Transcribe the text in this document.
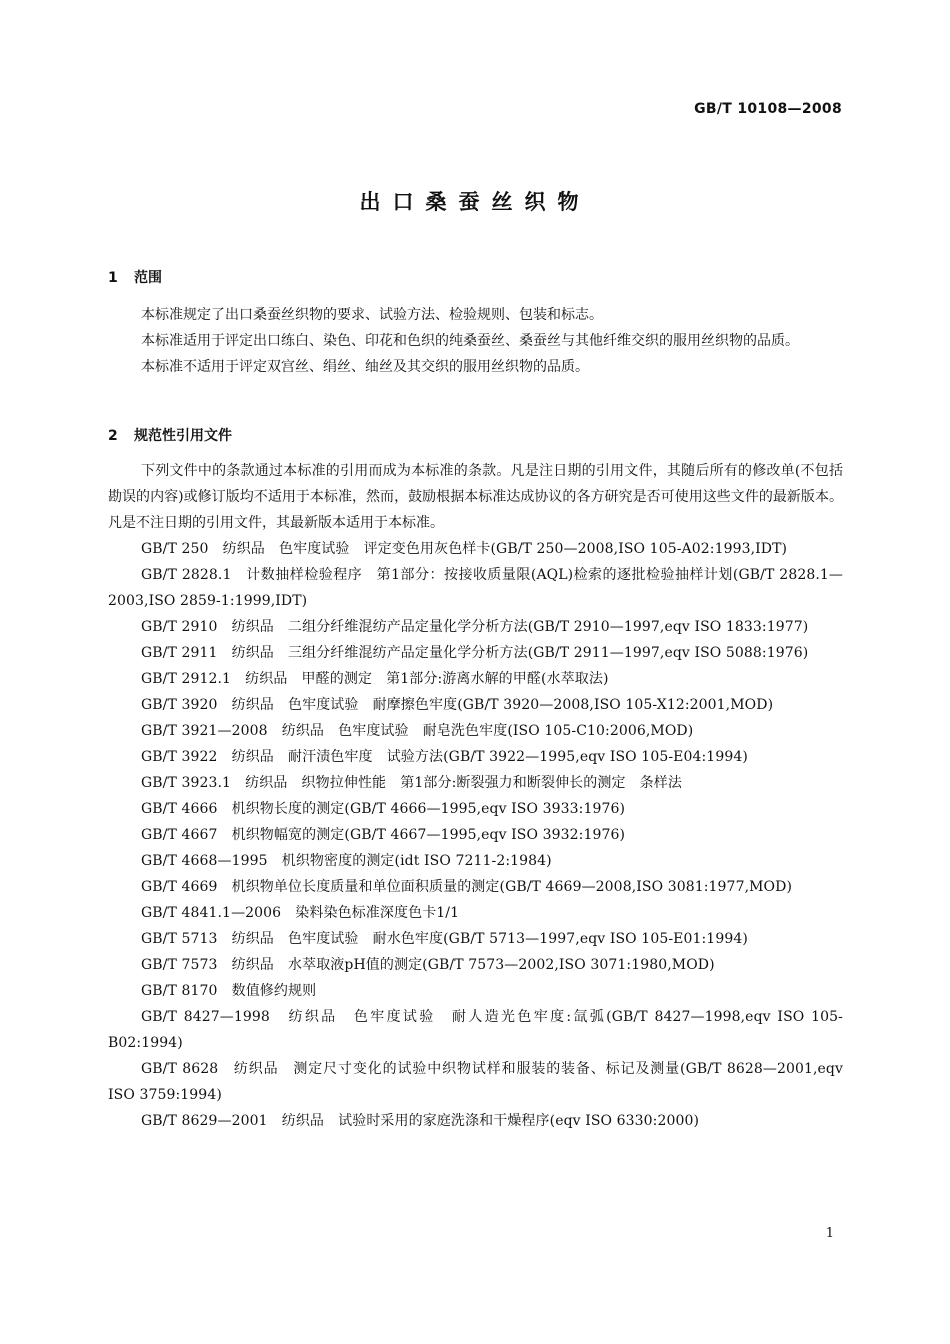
GB/T 10108—2008
出口桑蚕丝织物
1 范围

本标准规定了出口桑蚕丝织物的要求、试验方法、检验规则、包装和标志。

本标准适用于评定出口练白、染色、印花和色织的纯桑蚕丝、桑蚕丝与其他纤维交织的服用丝织物的品质。

本标准不适用于评定双宫丝、绢丝、䌷丝及其交织的服用丝织物的品质。

2 规范性引用文件

下列文件中的条款通过本标准的引用而成为本标准的条款。凡是注日期的引用文件，其随后所有的修改单(不包括勘误的内容)或修订版均不适用于本标准，然而，鼓励根据本标准达成协议的各方研究是否可使用这些文件的最新版本。凡是不注日期的引用文件，其最新版本适用于本标准。

GB/T 250　纺织品　色牢度试验　评定变色用灰色样卡(GB/T 250—2008,ISO 105-A02:1993,IDT)

GB/T 2828.1　计数抽样检验程序　第1部分：按接收质量限(AQL)检索的逐批检验抽样计划(GB/T 2828.1—2003,ISO 2859-1:1999,IDT)

GB/T 2910　纺织品　二组分纤维混纺产品定量化学分析方法(GB/T 2910—1997,eqv ISO 1833:1977)

GB/T 2911　纺织品　三组分纤维混纺产品定量化学分析方法(GB/T 2911—1997,eqv ISO 5088:1976)

GB/T 2912.1　纺织品　甲醛的测定　第1部分:游离水解的甲醛(水萃取法)

GB/T 3920　纺织品　色牢度试验　耐摩擦色牢度(GB/T 3920—2008,ISO 105-X12:2001,MOD)

GB/T 3921—2008　纺织品　色牢度试验　耐皂洗色牢度(ISO 105-C10:2006,MOD)

GB/T 3922　纺织品　耐汗渍色牢度　试验方法(GB/T 3922—1995,eqv ISO 105-E04:1994)

GB/T 3923.1　纺织品　织物拉伸性能　第1部分:断裂强力和断裂伸长的测定　条样法

GB/T 4666　机织物长度的测定(GB/T 4666—1995,eqv ISO 3933:1976)

GB/T 4667　机织物幅宽的测定(GB/T 4667—1995,eqv ISO 3932:1976)

GB/T 4668—1995　机织物密度的测定(idt ISO 7211-2:1984)

GB/T 4669　机织物单位长度质量和单位面积质量的测定(GB/T 4669—2008,ISO 3081:1977,MOD)

GB/T 4841.1—2006　染料染色标准深度色卡1/1

GB/T 5713　纺织品　色牢度试验　耐水色牢度(GB/T 5713—1997,eqv ISO 105-E01:1994)

GB/T 7573　纺织品　水萃取液pH值的测定(GB/T 7573—2002,ISO 3071:1980,MOD)

GB/T 8170　数值修约规则

GB/T 8427—1998　纺织品　色牢度试验　耐人造光色牢度:氙弧(GB/T 8427—1998,eqv ISO 105-B02:1994)

GB/T 8628　纺织品　测定尺寸变化的试验中织物试样和服装的装备、标记及测量(GB/T 8628—2001,eqv ISO 3759:1994)

GB/T 8629—2001　纺织品　试验时采用的家庭洗涤和干燥程序(eqv ISO 6330:2000)

1
